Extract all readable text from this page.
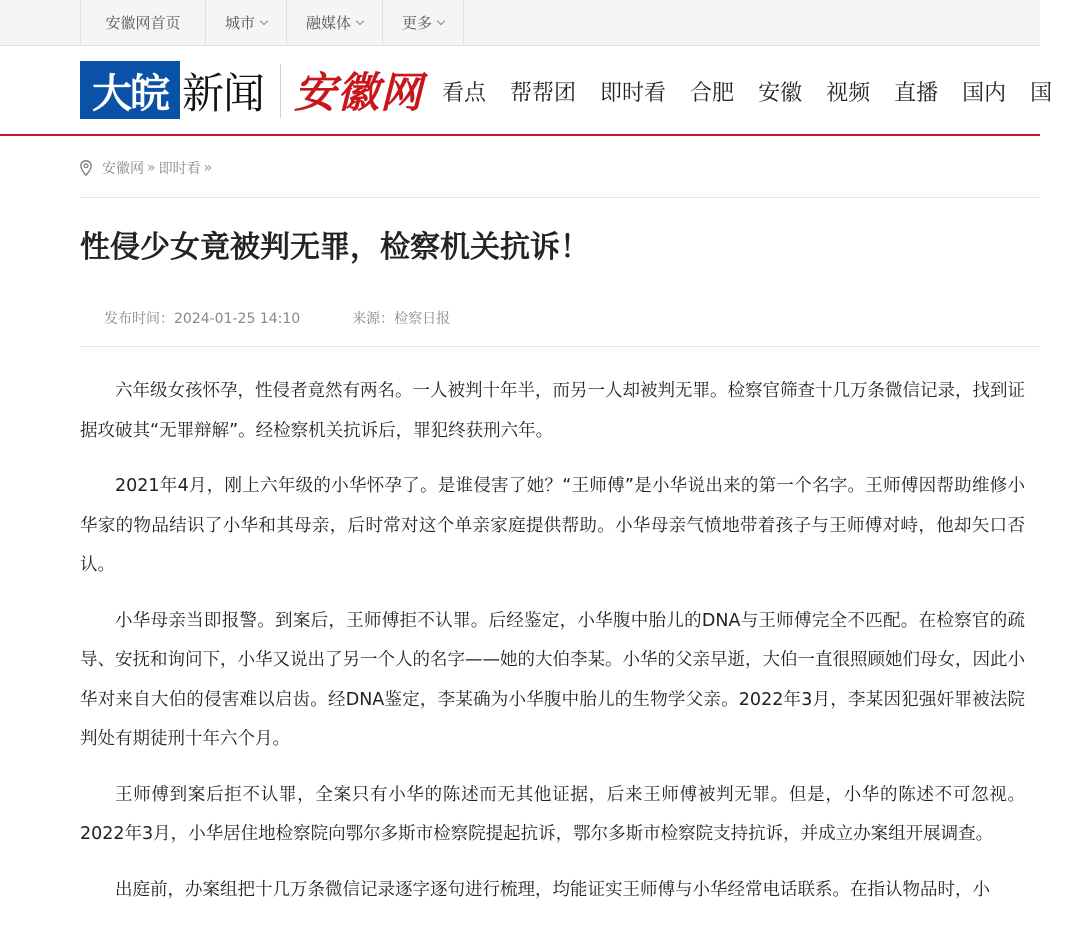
安徽网首页	城市	融媒体	更多
大皖 新闻 安徽网 看点 帮帮团 即时看 合肥 安徽 视频 直播 国内 国
安徽网 » 即时看 »
性侵少女竟被判无罪，检察机关抗诉！
发布时间：2024-01-25 14:10	来源：检察日报

六年级女孩怀孕，性侵者竟然有两名。一人被判十年半，而另一人却被判无罪。检察官筛查十几万条微信记录，找到证据攻破其“无罪辩解”。经检察机关抗诉后，罪犯终获刑六年。

2021年4月，刚上六年级的小华怀孕了。是谁侵害了她？“王师傅”是小华说出来的第一个名字。王师傅因帮助维修小华家的物品结识了小华和其母亲，后时常对这个单亲家庭提供帮助。小华母亲气愤地带着孩子与王师傅对峙，他却矢口否认。

小华母亲当即报警。到案后，王师傅拒不认罪。后经鉴定，小华腹中胎儿的DNA与王师傅完全不匹配。在检察官的疏导、安抚和询问下，小华又说出了另一个人的名字——她的大伯李某。小华的父亲早逝，大伯一直很照顾她们母女，因此小华对来自大伯的侵害难以启齿。经DNA鉴定，李某确为小华腹中胎儿的生物学父亲。2022年3月，李某因犯强奸罪被法院判处有期徒刑十年六个月。

王师傅到案后拒不认罪，全案只有小华的陈述而无其他证据，后来王师傅被判无罪。但是，小华的陈述不可忽视。2022年3月，小华居住地检察院向鄂尔多斯市检察院提起抗诉，鄂尔多斯市检察院支持抗诉，并成立办案组开展调查。

出庭前，办案组把十几万条微信记录逐字逐句进行梳理，均能证实王师傅与小华经常电话联系。在指认物品时，小
